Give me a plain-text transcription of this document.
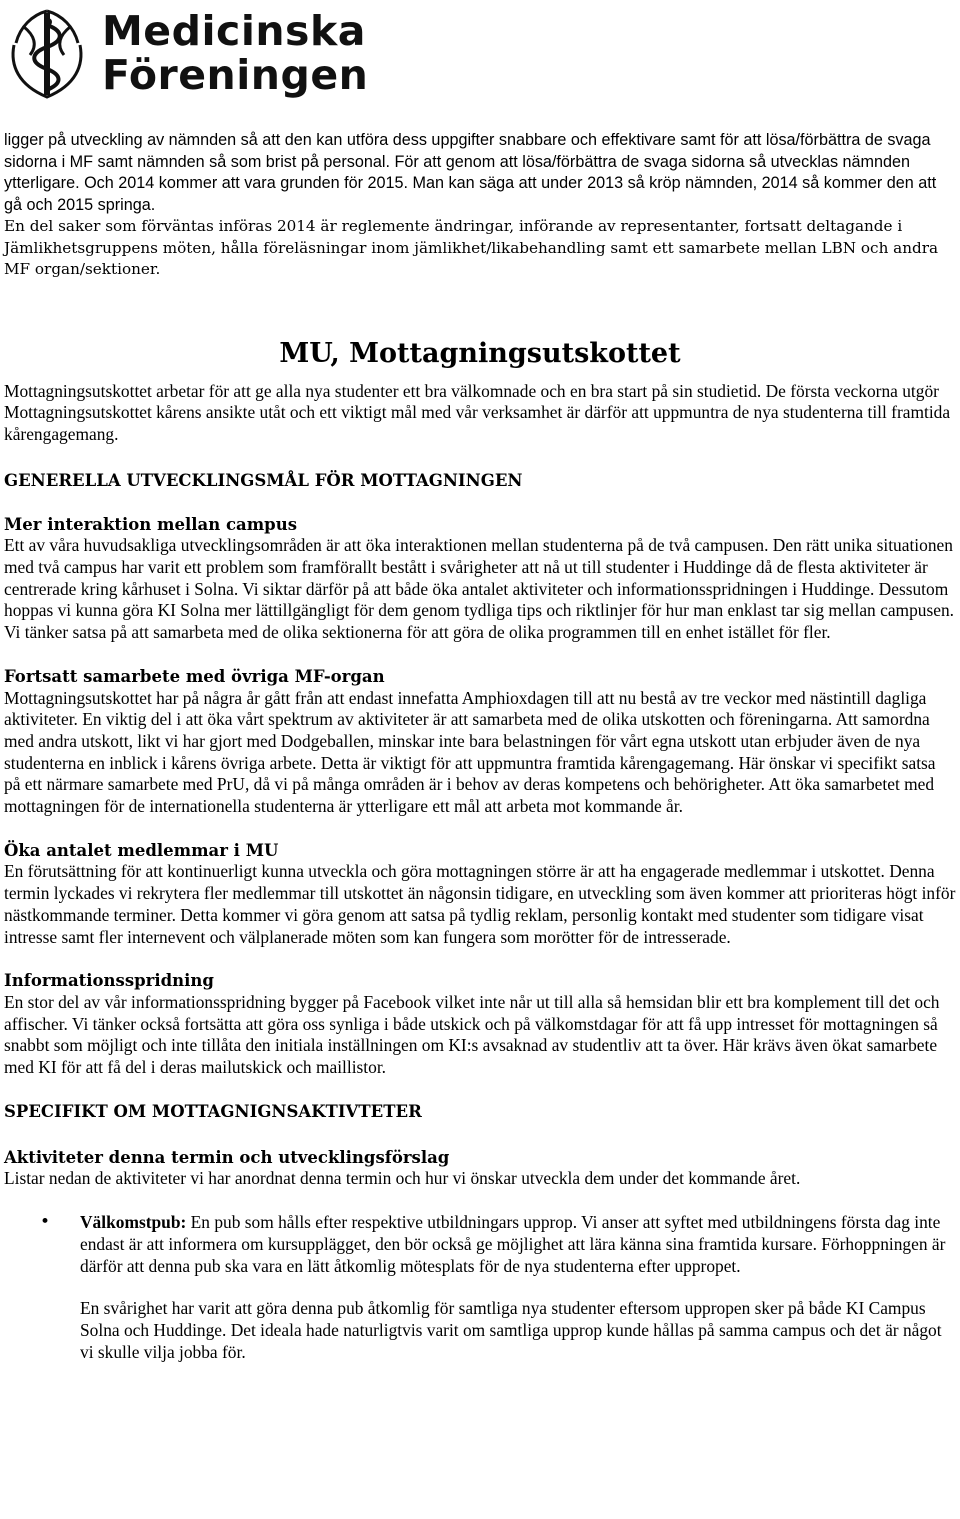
Medicinska
Föreningen

ligger på utveckling av nämnden så att den kan utföra dess uppgifter snabbare och effektivare samt för att lösa/förbättra de svaga sidorna i MF samt nämnden så som brist på personal. För att genom att lösa/förbättra de svaga sidorna så utvecklas nämnden ytterligare. Och 2014 kommer att vara grunden för 2015. Man kan säga att under 2013 så kröp nämnden, 2014 så kommer den att gå och 2015 springa.

En del saker som förväntas införas 2014 är reglemente ändringar, införande av representanter, fortsatt deltagande i Jämlikhetsgruppens möten, hålla föreläsningar inom jämlikhet/likabehandling samt ett samarbete mellan LBN och andra MF organ/sektioner.

MU, Mottagningsutskottet

Mottagningsutskottet arbetar för att ge alla nya studenter ett bra välkomnade och en bra start på sin studietid. De första veckorna utgör Mottagningsutskottet kårens ansikte utåt och ett viktigt mål med vår verksamhet är därför att uppmuntra de nya studenterna till framtida kårengagemang.

GENERELLA UTVECKLINGSMÅL FÖR MOTTAGNINGEN
Mer interaktion mellan campus

Ett av våra huvudsakliga utvecklingsområden är att öka interaktionen mellan studenterna på de två campusen. Den rätt unika situationen med två campus har varit ett problem som framförallt bestått i svårigheter att nå ut till studenter i Huddinge då de flesta aktiviteter är centrerade kring kårhuset i Solna. Vi siktar därför på att både öka antalet aktiviteter och informationsspridningen i Huddinge. Dessutom hoppas vi kunna göra KI Solna mer lättillgängligt för dem genom tydliga tips och riktlinjer för hur man enklast tar sig mellan campusen. Vi tänker satsa på att samarbeta med de olika sektionerna för att göra de olika programmen till en enhet istället för fler.

Fortsatt samarbete med övriga MF-organ

Mottagningsutskottet har på några år gått från att endast innefatta Amphioxdagen till att nu bestå av tre veckor med nästintill dagliga aktiviteter. En viktig del i att öka vårt spektrum av aktiviteter är att samarbeta med de olika utskotten och föreningarna. Att samordna med andra utskott, likt vi har gjort med Dodgeballen, minskar inte bara belastningen för vårt egna utskott utan erbjuder även de nya studenterna en inblick i kårens övriga arbete. Detta är viktigt för att uppmuntra framtida kårengagemang. Här önskar vi specifikt satsa på ett närmare samarbete med PrU, då vi på många områden är i behov av deras kompetens och behörigheter. Att öka samarbetet med mottagningen för de internationella studenterna är ytterligare ett mål att arbeta mot kommande år.

Öka antalet medlemmar i MU

En förutsättning för att kontinuerligt kunna utveckla och göra mottagningen större är att ha engagerade medlemmar i utskottet. Denna termin lyckades vi rekrytera fler medlemmar till utskottet än någonsin tidigare, en utveckling som även kommer att prioriteras högt inför nästkommande terminer. Detta kommer vi göra genom att satsa på tydlig reklam, personlig kontakt med studenter som tidigare visat intresse samt fler internevent och välplanerade möten som kan fungera som morötter för de intresserade.

Informationsspridning

En stor del av vår informationsspridning bygger på Facebook vilket inte når ut till alla så hemsidan blir ett bra komplement till det och affischer. Vi tänker också fortsätta att göra oss synliga i både utskick och på välkomstdagar för att få upp intresset för mottagningen så snabbt som möjligt och inte tillåta den initiala inställningen om KI:s avsaknad av studentliv att ta över. Här krävs även ökat samarbete med KI för att få del i deras mailutskick och maillistor.

SPECIFIKT OM MOTTAGNIGNSAKTIVTETER
Aktiviteter denna termin och utvecklingsförslag

Listar nedan de aktiviteter vi har anordnat denna termin och hur vi önskar utveckla dem under det kommande året.

• Välkomstpub: En pub som hålls efter respektive utbildningars upprop. Vi anser att syftet med utbildningens första dag inte endast är att informera om kursupplägget, den bör också ge möjlighet att lära känna sina framtida kursare. Förhoppningen är därför att denna pub ska vara en lätt åtkomlig mötesplats för de nya studenterna efter uppropet.

En svårighet har varit att göra denna pub åtkomlig för samtliga nya studenter eftersom uppropen sker på både KI Campus Solna och Huddinge. Det ideala hade naturligtvis varit om samtliga upprop kunde hållas på samma campus och det är något vi skulle vilja jobba för.
